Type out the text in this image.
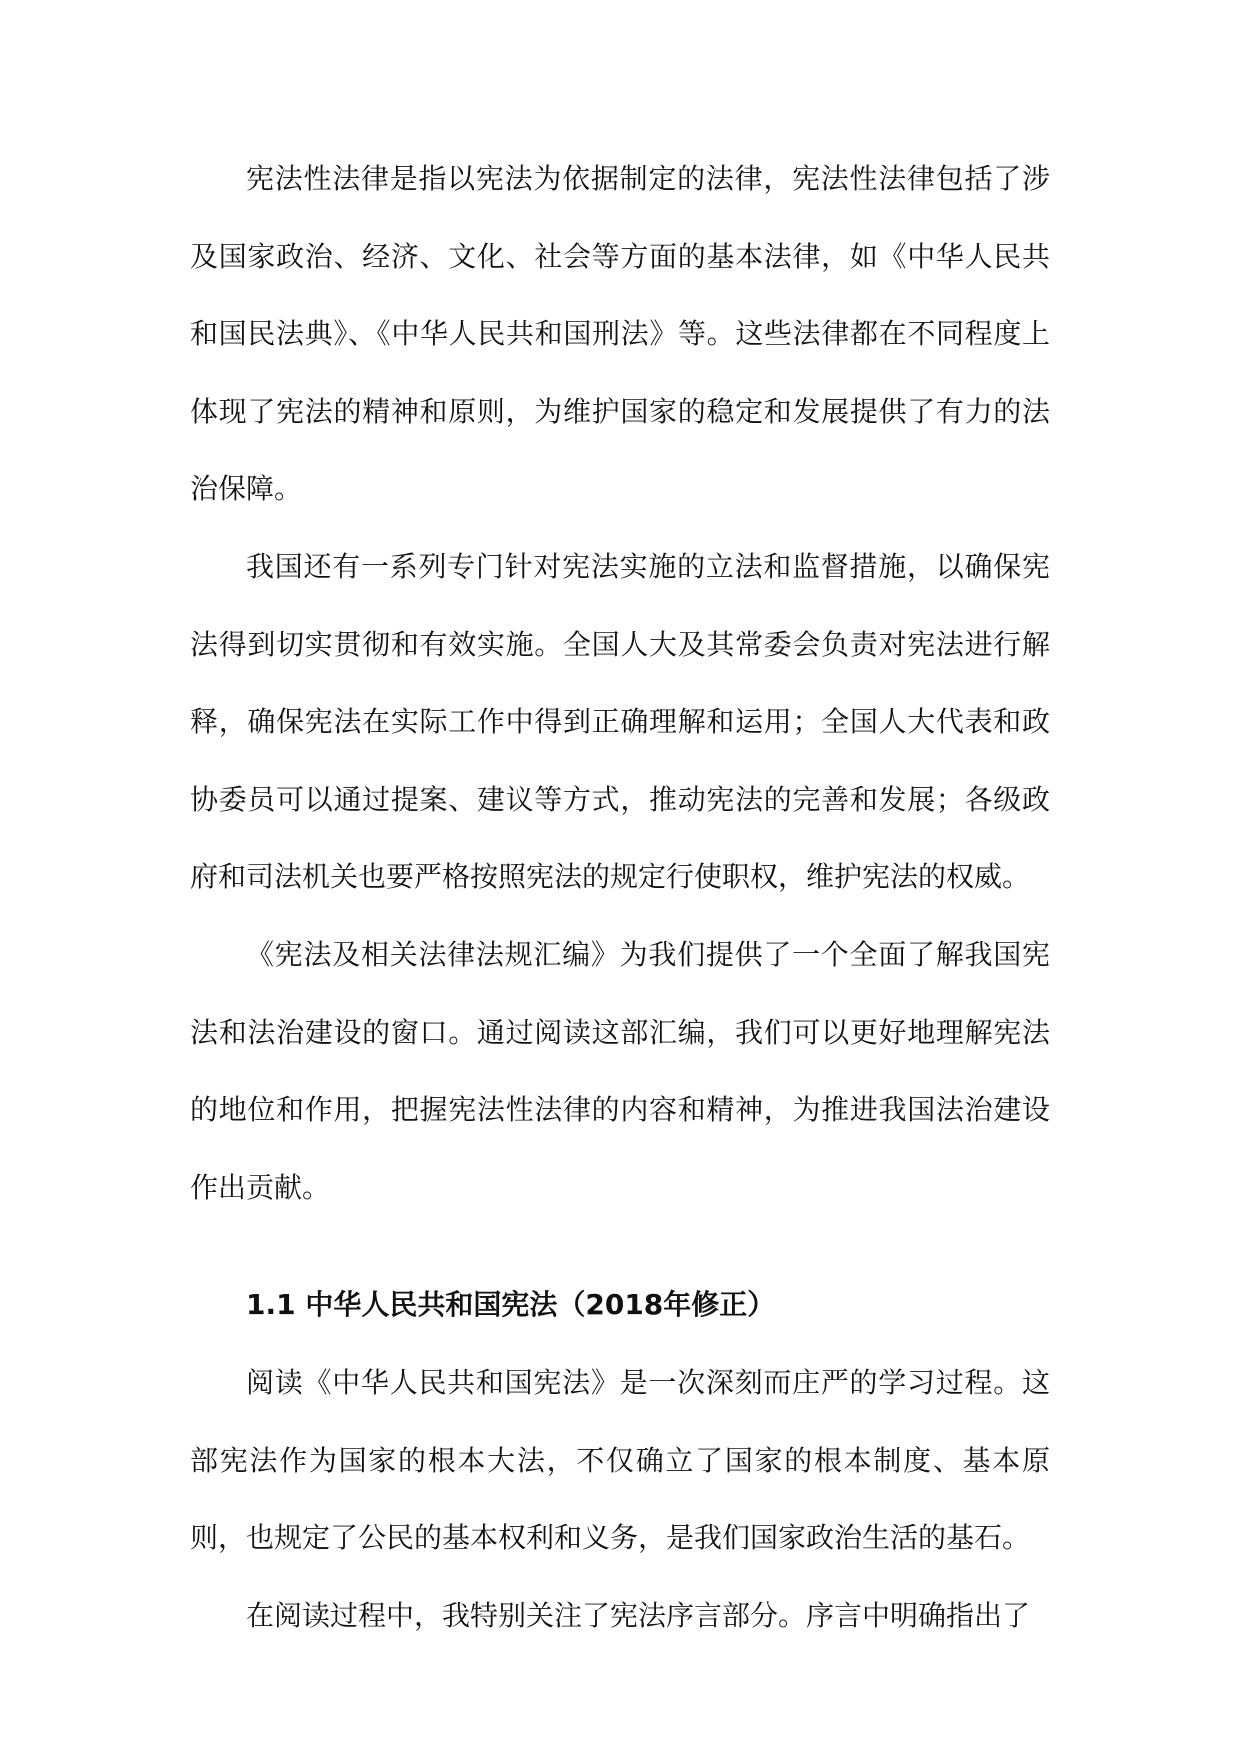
宪法性法律是指以宪法为依据制定的法律，宪法性法律包括了涉及国家政治、经济、文化、社会等方面的基本法律，如《中华人民共和国民法典》、《中华人民共和国刑法》等。这些法律都在不同程度上体现了宪法的精神和原则，为维护国家的稳定和发展提供了有力的法治保障。

我国还有一系列专门针对宪法实施的立法和监督措施，以确保宪法得到切实贯彻和有效实施。全国人大及其常委会负责对宪法进行解释，确保宪法在实际工作中得到正确理解和运用；全国人大代表和政协委员可以通过提案、建议等方式，推动宪法的完善和发展；各级政府和司法机关也要严格按照宪法的规定行使职权，维护宪法的权威。

《宪法及相关法律法规汇编》为我们提供了一个全面了解我国宪法和法治建设的窗口。通过阅读这部汇编，我们可以更好地理解宪法的地位和作用，把握宪法性法律的内容和精神，为推进我国法治建设作出贡献。

1.1 中华人民共和国宪法（2018年修正）

阅读《中华人民共和国宪法》是一次深刻而庄严的学习过程。这部宪法作为国家的根本大法，不仅确立了国家的根本制度、基本原则，也规定了公民的基本权利和义务，是我们国家政治生活的基石。

在阅读过程中，我特别关注了宪法序言部分。序言中明确指出了
